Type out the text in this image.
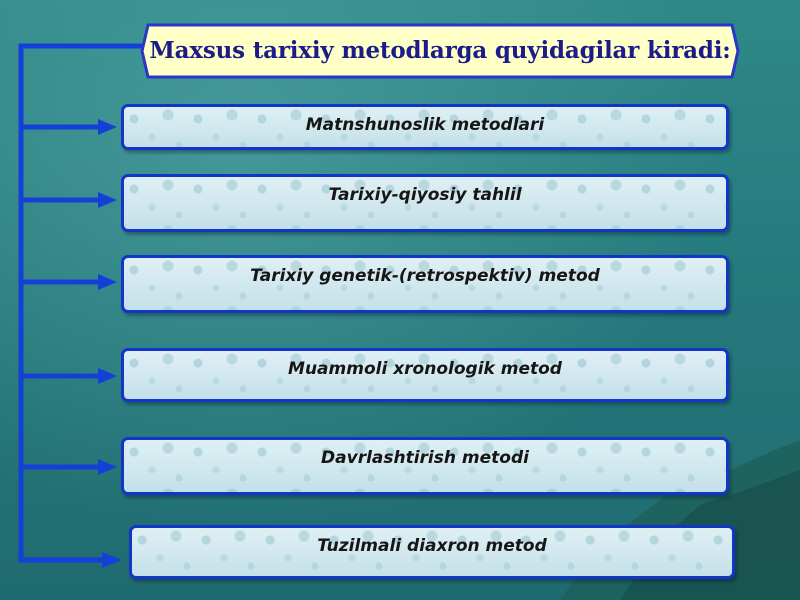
Maxsus tarixiy metodlarga quyidagilar kiradi:
Matnshunoslik metodlari
Tarixiy-qiyosiy tahlil
Tarixiy genetik-(retrospektiv) metod
Muammoli xronologik metod
Davrlashtirish metodi
Tuzilmali diaxron metod
